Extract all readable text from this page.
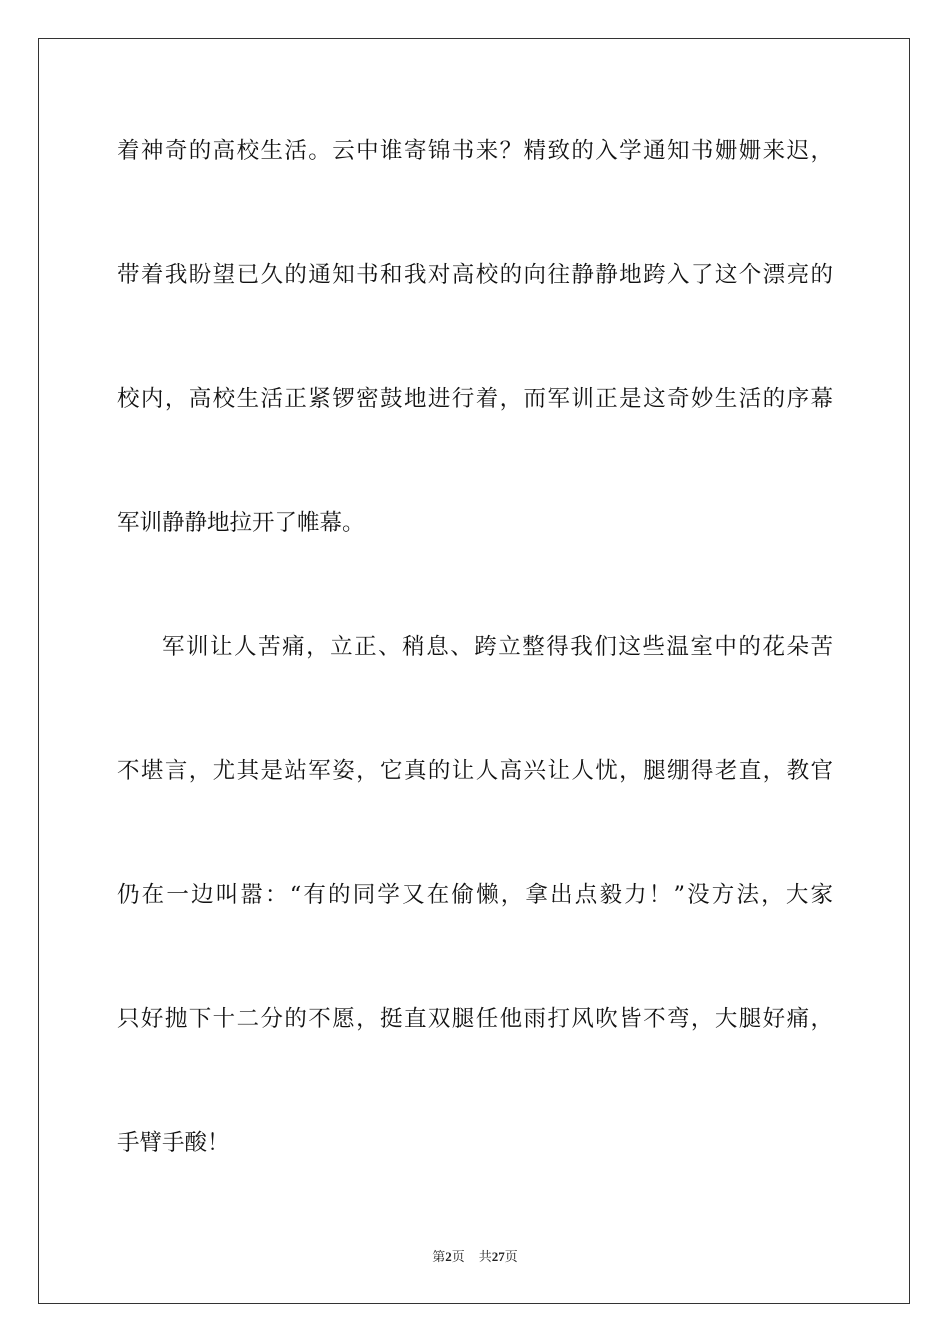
着神奇的高校生活。云中谁寄锦书来？精致的入学通知书姗姗来迟，
带着我盼望已久的通知书和我对高校的向往静静地跨入了这个漂亮的
校内，高校生活正紧锣密鼓地进行着，而军训正是这奇妙生活的序幕
军训静静地拉开了帷幕。
军训让人苦痛，立正、稍息、跨立整得我们这些温室中的花朵苦
不堪言，尤其是站军姿，它真的让人高兴让人忧，腿绷得老直，教官
仍在一边叫嚣：“有的同学又在偷懒，拿出点毅力！”没方法，大家
只好抛下十二分的不愿，挺直双腿任他雨打风吹皆不弯，大腿好痛，
手臂手酸！
第2页 共27页
